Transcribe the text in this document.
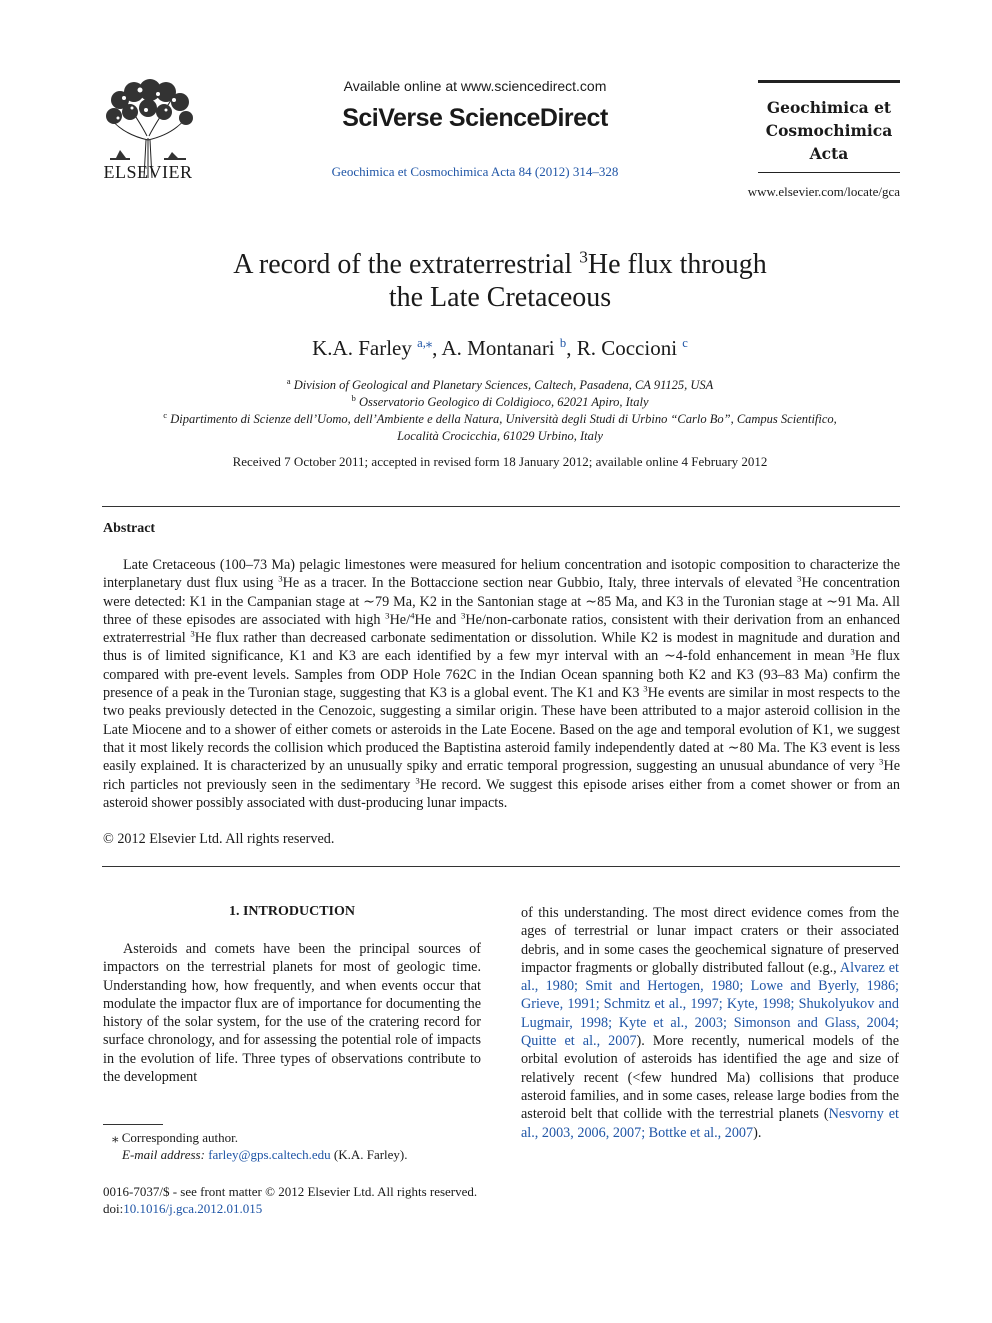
ELSEVIER
Available online at www.sciencedirect.com
SciVerse ScienceDirect
Geochimica et Cosmochimica Acta 84 (2012) 314–328
Geochimica et
Cosmochimica
Acta
www.elsevier.com/locate/gca
A record of the extraterrestrial $^3$He flux through
the Late Cretaceous
K.A. Farley $^{a,⁎}$, A. Montanari $^b$, R. Coccioni $^c$
$^a$ Division of Geological and Planetary Sciences, Caltech, Pasadena, CA 91125, USA
$^b$ Osservatorio Geologico di Coldigioco, 62021 Apiro, Italy
$^c$ Dipartimento di Scienze dell’Uomo, dell’Ambiente e della Natura, Università degli Studi di Urbino “Carlo Bo”, Campus Scientifico,
Località Crocicchia, 61029 Urbino, Italy
Received 7 October 2011; accepted in revised form 18 January 2012; available online 4 February 2012
Abstract
Late Cretaceous (100–73 Ma) pelagic limestones were measured for helium concentration and isotopic composition to characterize the interplanetary dust flux using $^3$He as a tracer. In the Bottaccione section near Gubbio, Italy, three intervals of elevated $^3$He concentration were detected: K1 in the Campanian stage at ∼79 Ma, K2 in the Santonian stage at ∼85 Ma, and K3 in the Turonian stage at ∼91 Ma. All three of these episodes are associated with high $^3$He/$^4$He and $^3$He/non-carbonate ratios, consistent with their derivation from an enhanced extraterrestrial $^3$He flux rather than decreased carbonate sedimentation or dissolution. While K2 is modest in magnitude and duration and thus is of limited significance, K1 and K3 are each identified by a few myr interval with an ∼4-fold enhancement in mean $^3$He flux compared with pre-event levels. Samples from ODP Hole 762C in the Indian Ocean spanning both K2 and K3 (93–83 Ma) confirm the presence of a peak in the Turonian stage, suggesting that K3 is a global event. The K1 and K3 $^3$He events are similar in most respects to the two peaks previously detected in the Cenozoic, suggesting a similar origin. These have been attributed to a major asteroid collision in the Late Miocene and to a shower of either comets or asteroids in the Late Eocene. Based on the age and temporal evolution of K1, we suggest that it most likely records the collision which produced the Baptistina asteroid family independently dated at ∼80 Ma. The K3 event is less easily explained. It is characterized by an unusually spiky and erratic temporal progression, suggesting an unusual abundance of very $^3$He rich particles not previously seen in the sedimentary $^3$He record. We suggest this episode arises either from a comet shower or from an asteroid shower possibly associated with dust-producing lunar impacts.
© 2012 Elsevier Ltd. All rights reserved.
1. INTRODUCTION
Asteroids and comets have been the principal sources of impactors on the terrestrial planets for most of geologic time. Understanding how, how frequently, and when events occur that modulate the impactor flux are of importance for documenting the history of the solar system, for the use of the cratering record for surface chronology, and for assessing the potential role of impacts in the evolution of life. Three types of observations contribute to the development
of this understanding. The most direct evidence comes from the ages of terrestrial or lunar impact craters or their associated debris, and in some cases the geochemical signature of preserved impactor fragments or globally distributed fallout (e.g., Alvarez et al., 1980; Smit and Hertogen, 1980; Lowe and Byerly, 1986; Grieve, 1991; Schmitz et al., 1997; Kyte, 1998; Shukolyukov and Lugmair, 1998; Kyte et al., 2003; Simonson and Glass, 2004; Quitte et al., 2007). More recently, numerical models of the orbital evolution of asteroids has identified the age and size of relatively recent (<few hundred Ma) collisions that produce asteroid families, and in some cases, release large bodies from the asteroid belt that collide with the terrestrial planets (Nesvorny et al., 2003, 2006, 2007; Bottke et al., 2007).
⁎ Corresponding author.
E-mail address: farley@gps.caltech.edu (K.A. Farley).
0016-7037/$ - see front matter © 2012 Elsevier Ltd. All rights reserved.
doi:10.1016/j.gca.2012.01.015
